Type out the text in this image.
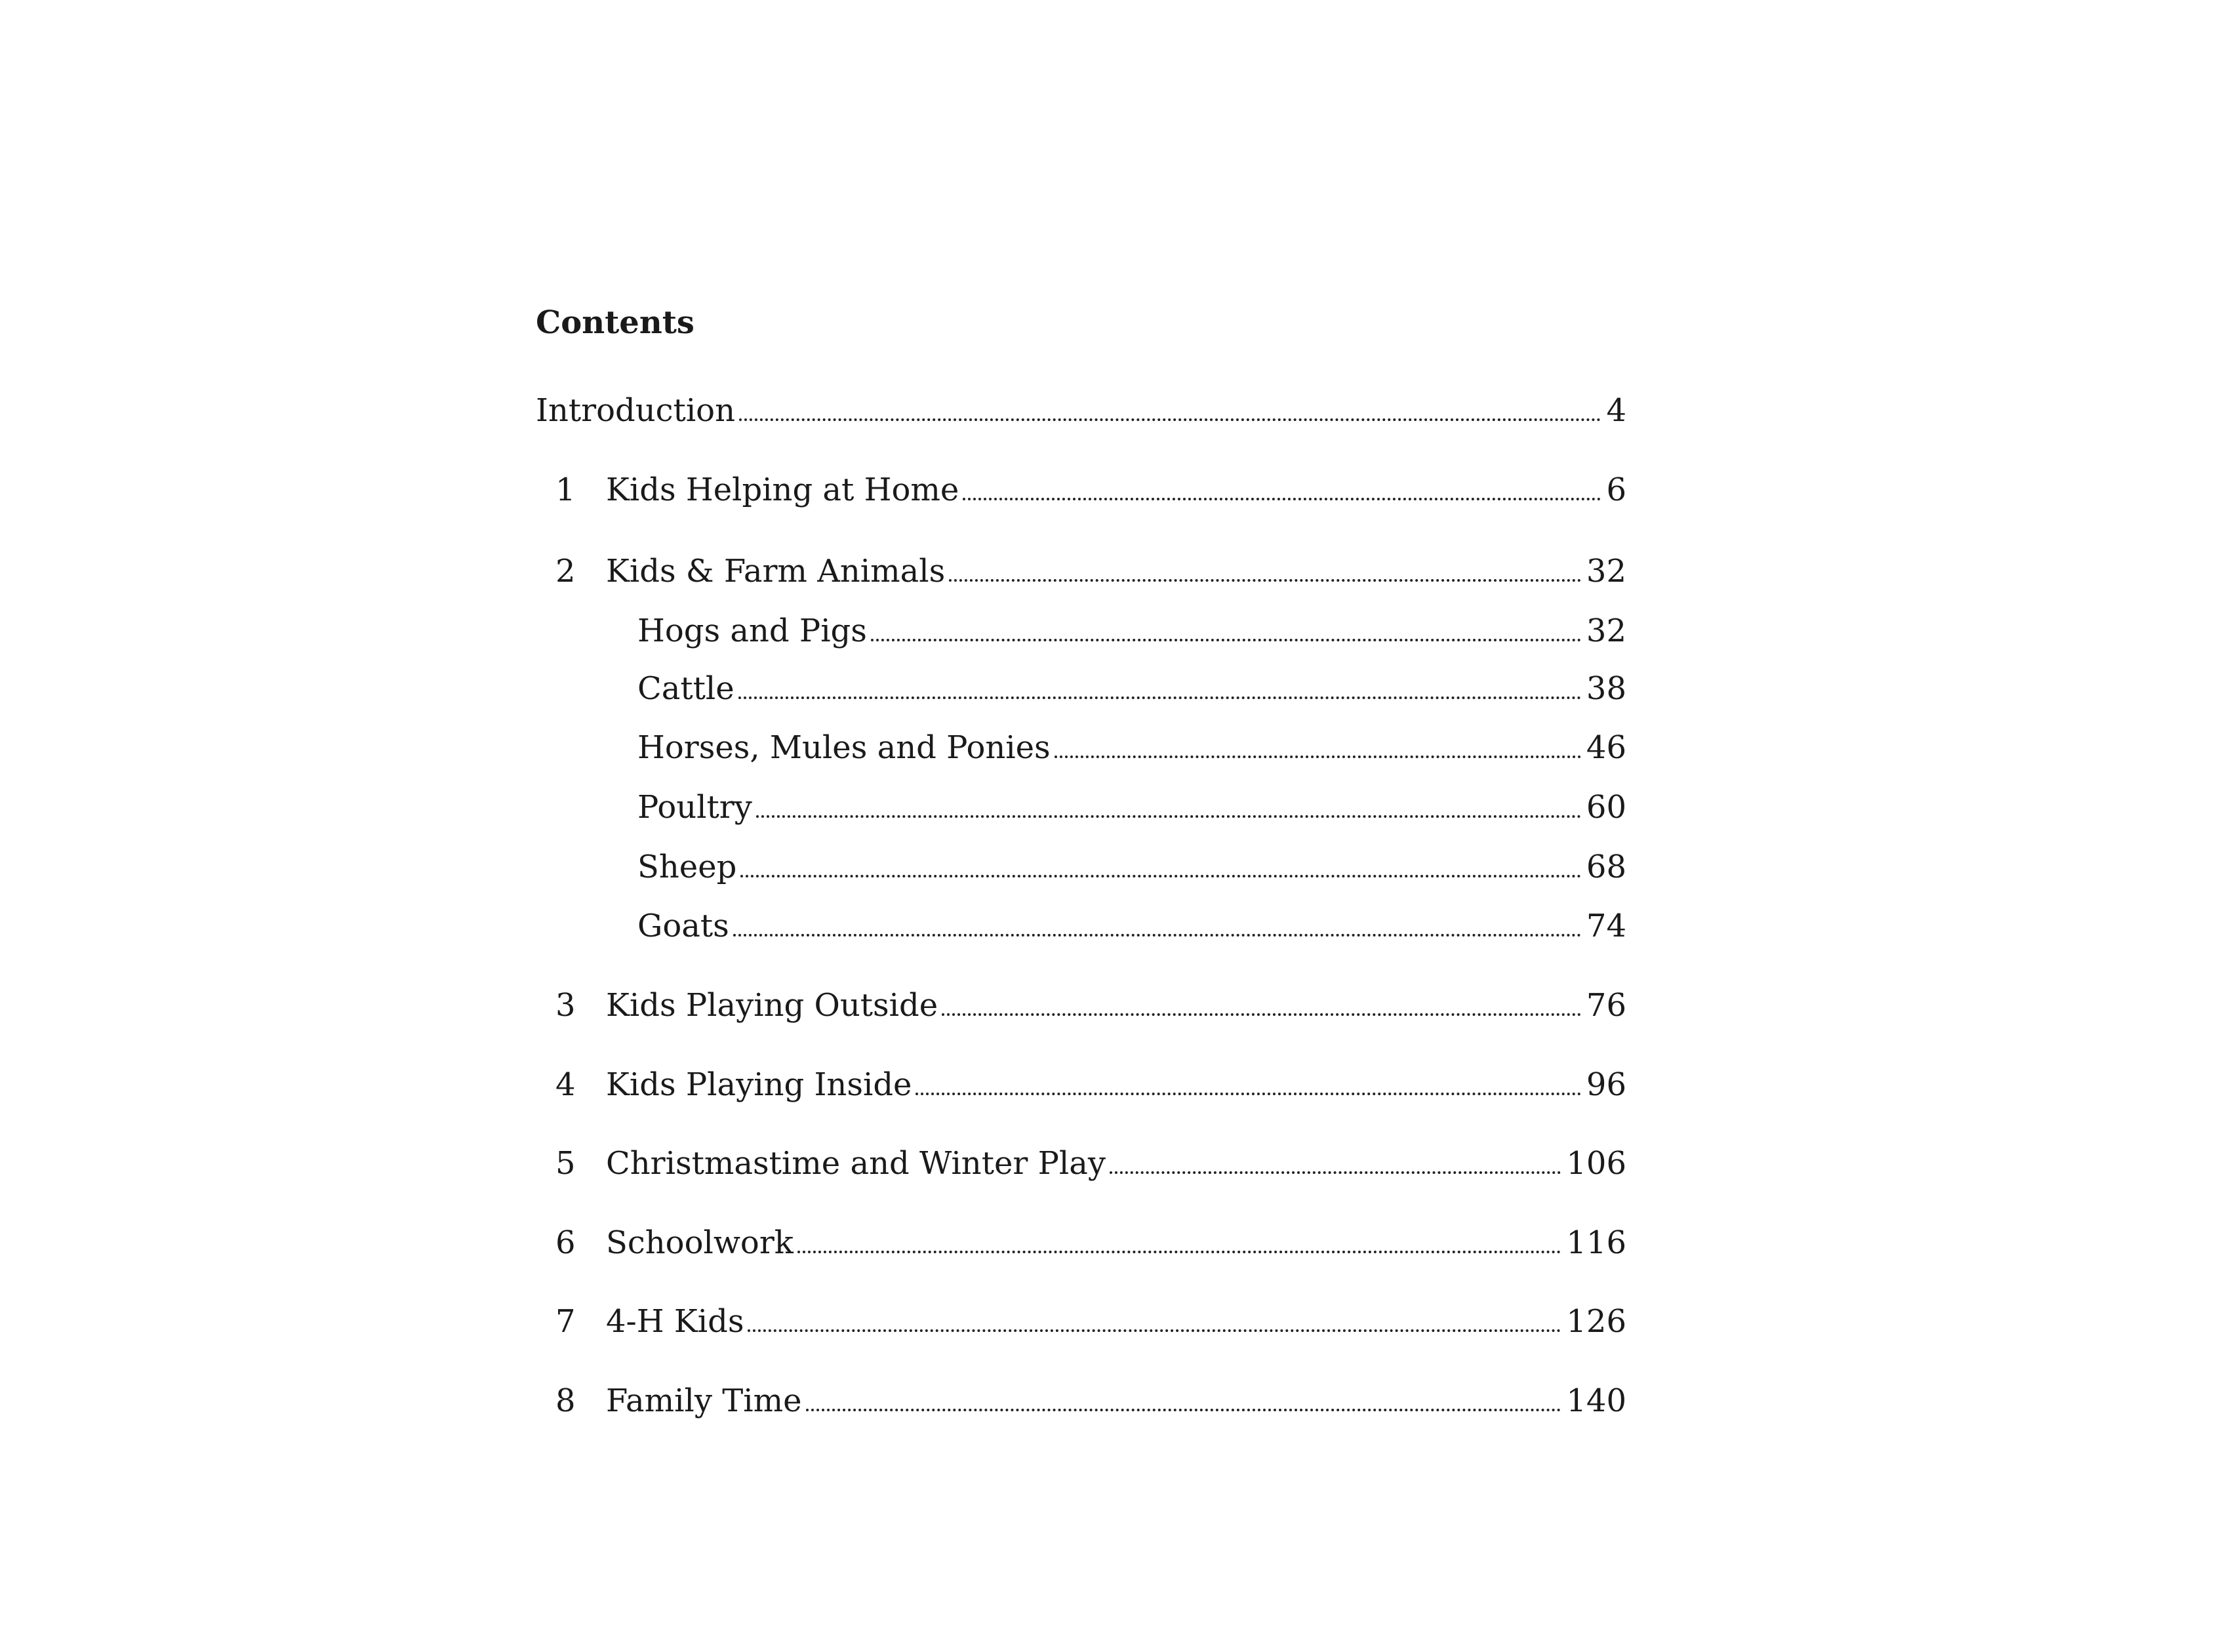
Contents
Introduction	4
1 Kids Helping at Home	6
2 Kids & Farm Animals	32
Hogs and Pigs	32
Cattle	38
Horses, Mules and Ponies	46
Poultry	60
Sheep	68
Goats	74
3 Kids Playing Outside	76
4 Kids Playing Inside	96
5 Christmastime and Winter Play	106
6 Schoolwork	116
7 4-H Kids	126
8 Family Time	140
